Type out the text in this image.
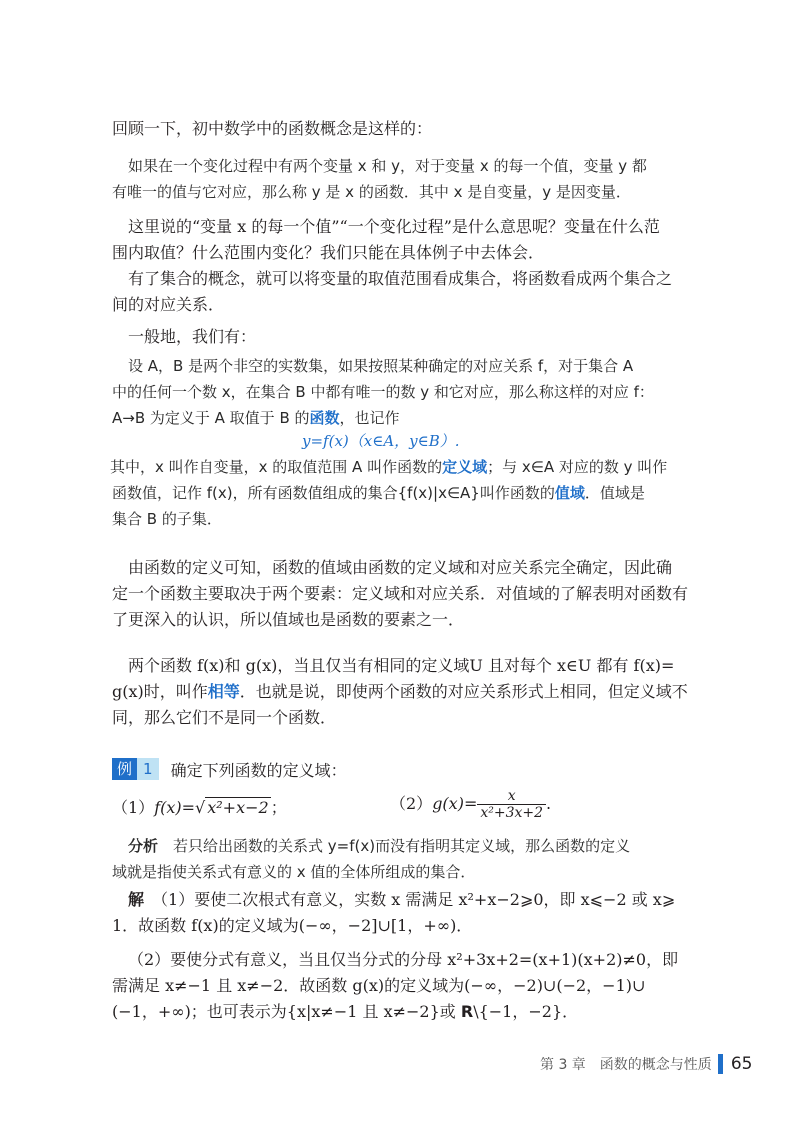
回顾一下，初中数学中的函数概念是这样的：
如果在一个变化过程中有两个变量 x 和 y，对于变量 x 的每一个值，变量 y 都
有唯一的值与它对应，那么称 y 是 x 的函数．其中 x 是自变量，y 是因变量．
这里说的“变量 x 的每一个值”“一个变化过程”是什么意思呢？变量在什么范
围内取值？什么范围内变化？我们只能在具体例子中去体会．
有了集合的概念，就可以将变量的取值范围看成集合，将函数看成两个集合之
间的对应关系．
一般地，我们有：
设 A，B 是两个非空的实数集，如果按照某种确定的对应关系 f，对于集合 A
中的任何一个数 x，在集合 B 中都有唯一的数 y 和它对应，那么称这样的对应 f：
A→B 为定义于 A 取值于 B 的函数，也记作
y=f(x)（x∈A，y∈B）.
其中，x 叫作自变量，x 的取值范围 A 叫作函数的定义域；与 x∈A 对应的数 y 叫作
函数值，记作 f(x)，所有函数值组成的集合{f(x)|x∈A}叫作函数的值域．值域是
集合 B 的子集．
由函数的定义可知，函数的值域由函数的定义域和对应关系完全确定，因此确
定一个函数主要取决于两个要素：定义域和对应关系．对值域的了解表明对函数有
了更深入的认识，所以值域也是函数的要素之一．
两个函数 f(x)和 g(x)，当且仅当有相同的定义域U 且对每个 x∈U 都有 f(x)=
g(x)时，叫作相等．也就是说，即使两个函数的对应关系形式上相同，但定义域不
同，那么它们不是同一个函数．
例 1	确定下列函数的定义域：
（1）f(x)=√ x²+x−2 ；	$(2)g(x)= \frac{x}{\text{x²+3x+2}}$ .
分析　 若只给出函数的关系式 y=f(x)而没有指明其定义域，那么函数的定义
域就是指使关系式有意义的 x 值的全体所组成的集合．
解　 （1）要使二次根式有意义，实数 x 需满足 x²+x−2⩾0，即 x⩽−2 或 x⩾
1．故函数 f(x)的定义域为(−∞，−2]∪[1，+∞)．
（2）要使分式有意义，当且仅当分式的分母 x²+3x+2=(x+1)(x+2)≠0，即
需满足 x≠−1 且 x≠−2．故函数 g(x)的定义域为(−∞，−2)∪(−2，−1)∪
(−1，+∞)；也可表示为{x|x≠−1 且 x≠−2}或 R\{−1，−2}．
第 3 章　函数的概念与性质 65
